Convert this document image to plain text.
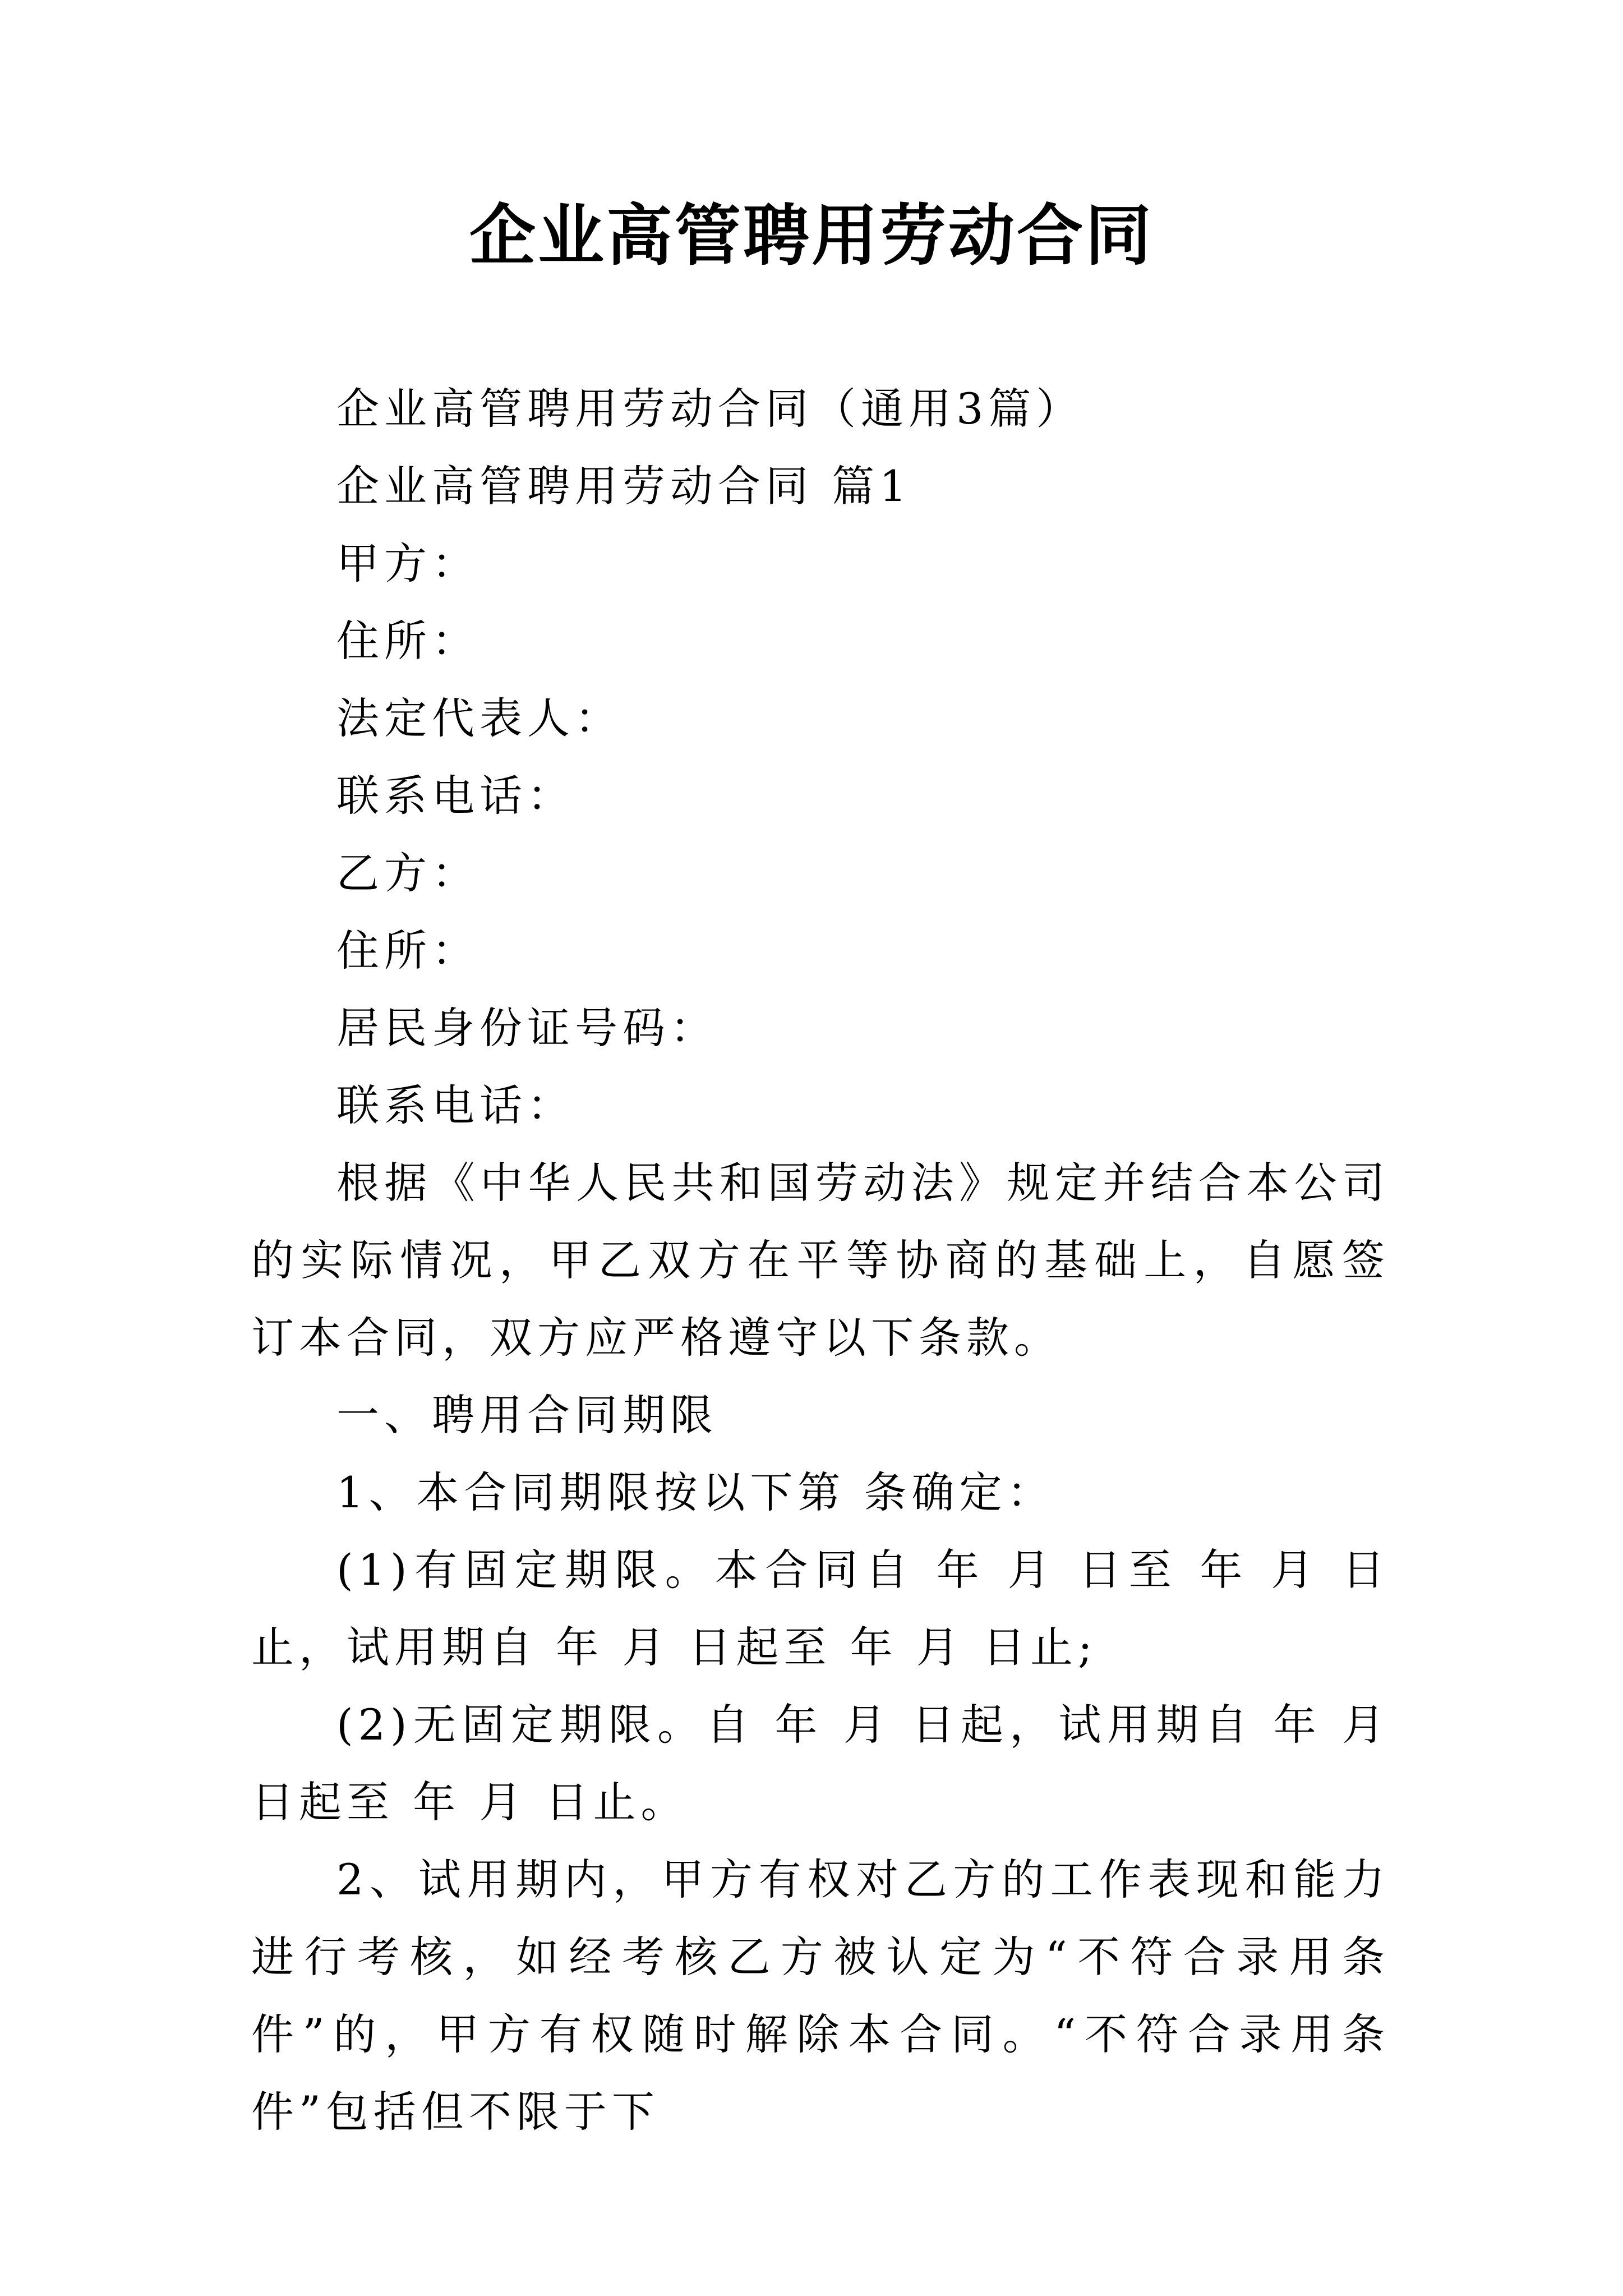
企业高管聘用劳动合同

企业高管聘用劳动合同（通用3篇）

企业高管聘用劳动合同 篇1

甲方：

住所：

法定代表人：

联系电话：

乙方：

住所：

居民身份证号码：

联系电话：

根据《中华人民共和国劳动法》规定并结合本公司的实际情况，甲乙双方在平等协商的基础上，自愿签订本合同，双方应严格遵守以下条款。

一、聘用合同期限

1、本合同期限按以下第 条确定：

(1)有固定期限。本合同自 年 月 日至 年 月 日止，试用期自 年 月 日起至 年 月 日止;

(2)无固定期限。自 年 月 日起，试用期自 年 月 日起至 年 月 日止。

2、试用期内，甲方有权对乙方的工作表现和能力进行考核，如经考核乙方被认定为“不符合录用条件”的，甲方有权随时解除本合同。“不符合录用条件”包括但不限于下
